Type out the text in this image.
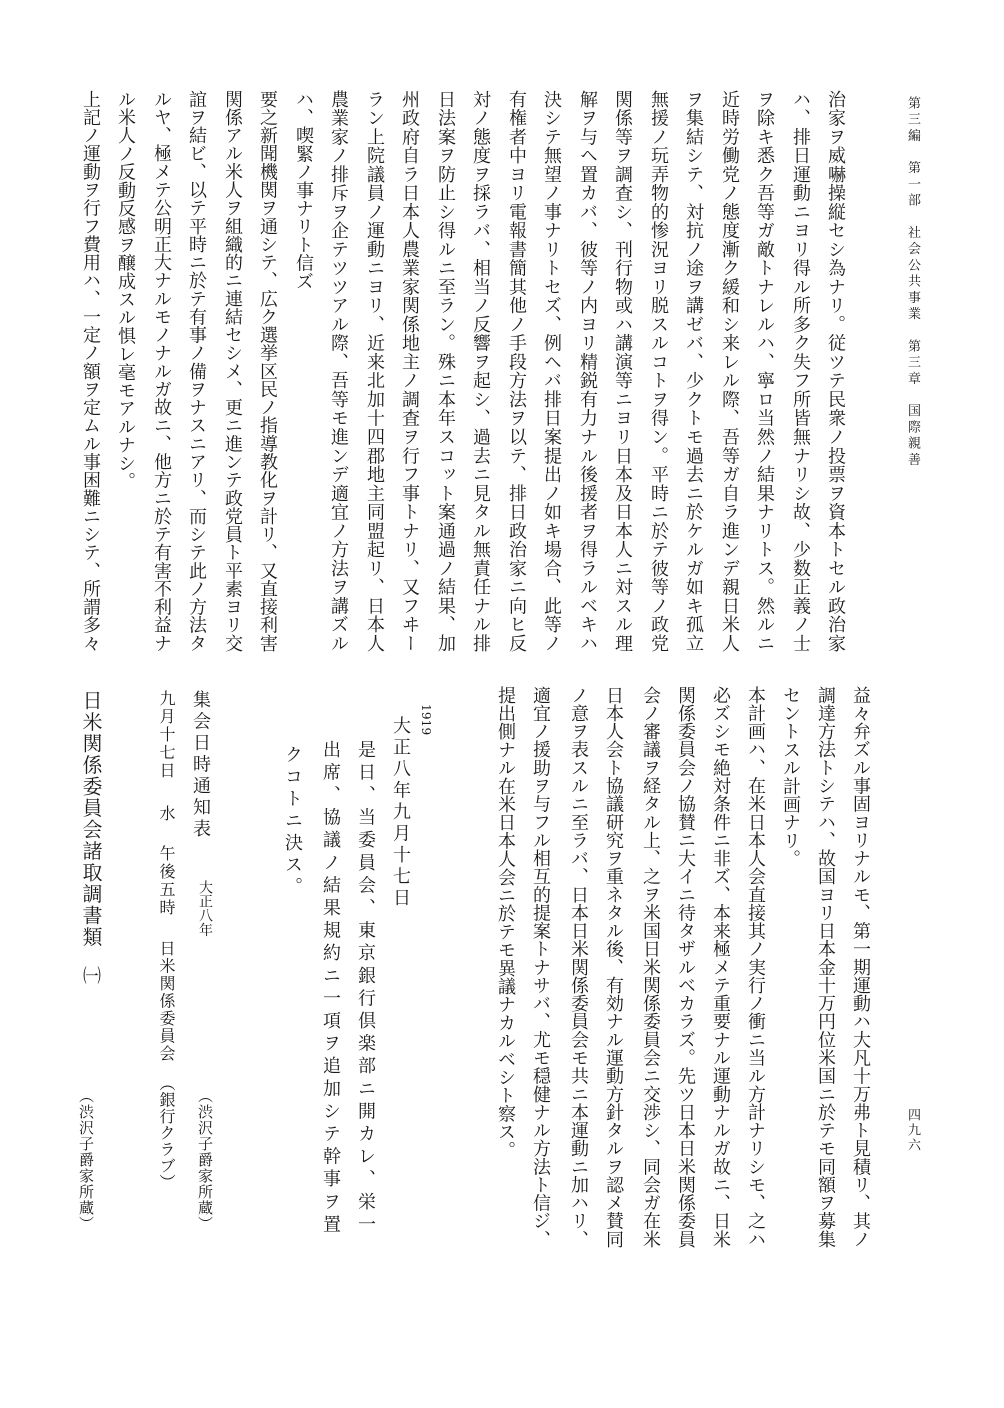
第三編　第一部　社会公共事業　第三章　国際親善
四九六
治家ヲ威嚇操縦セシ為ナリ。従ツテ民衆ノ投票ヲ資本トセル政治家
ハ、排日運動ニヨリ得ル所多ク失フ所皆無ナリシ故、少数正義ノ士
ヲ除キ悉ク吾等ガ敵トナレルハ、寧ロ当然ノ結果ナリトス。然ルニ
近時労働党ノ態度漸ク緩和シ来レル際、吾等ガ自ラ進ンデ親日米人
ヲ集結シテ、対抗ノ途ヲ講ゼバ、少クトモ過去ニ於ケルガ如キ孤立
無援ノ玩弄物的惨況ヨリ脱スルコトヲ得ン。平時ニ於テ彼等ノ政党
関係等ヲ調査シ、刊行物或ハ講演等ニヨリ日本及日本人ニ対スル理
解ヲ与ヘ置カバ、彼等ノ内ヨリ精鋭有力ナル後援者ヲ得ラルベキハ
決シテ無望ノ事ナリトセズ、例ヘバ排日案提出ノ如キ場合、此等ノ
有権者中ヨリ電報書簡其他ノ手段方法ヲ以テ、排日政治家ニ向ヒ反
対ノ態度ヲ採ラバ、相当ノ反響ヲ起シ、過去ニ見タル無責任ナル排
日法案ヲ防止シ得ルニ至ラン。殊ニ本年スコット案通過ノ結果、加
州政府自ラ日本人農業家関係地主ノ調査ヲ行フ事トナリ、又フヰー
ラン上院議員ノ運動ニヨリ、近来北加十四郡地主同盟起リ、日本人
農業家ノ排斥ヲ企テツツアル際、吾等モ進ンデ適宜ノ方法ヲ講ズル
ハ、喫緊ノ事ナリト信ズ
要之新聞機関ヲ通シテ、広ク選挙区民ノ指導教化ヲ計リ、又直接利害
関係アル米人ヲ組織的ニ連結セシメ、更ニ進ンテ政党員ト平素ヨリ交
誼ヲ結ビ、以テ平時ニ於テ有事ノ備ヲナスニアリ、而シテ此ノ方法タ
ルヤ、極メテ公明正大ナルモノナルガ故ニ、他方ニ於テ有害不利益ナ
ル米人ノ反動反感ヲ醸成スル惧レ毫モアルナシ。
上記ノ運動ヲ行フ費用ハ、一定ノ額ヲ定ムル事困難ニシテ、所謂多々
益々弁ズル事固ヨリナルモ、第一期運動ハ大凡十万弗ト見積リ、其ノ
調達方法トシテハ、故国ヨリ日本金十万円位米国ニ於テモ同額ヲ募集
セントスル計画ナリ。
本計画ハ、在米日本人会直接其ノ実行ノ衝ニ当ル方計ナリシモ、之ハ
必ズシモ絶対条件ニ非ズ、本来極メテ重要ナル運動ナルガ故ニ、日米
関係委員会ノ協賛ニ大イニ待タザルベカラズ。先ツ日本日米関係委員
会ノ審議ヲ経タル上、之ヲ米国日米関係委員会ニ交渉シ、同会ガ在米
日本人会ト協議研究ヲ重ネタル後、有効ナル運動方針タルヲ認メ賛同
ノ意ヲ表スルニ至ラバ、日本日米関係委員会モ共ニ本運動ニ加ハリ、
適宜ノ援助ヲ与フル相互的提案トナサバ、尤モ穏健ナル方法ト信ジ、
提出側ナル在米日本人会ニ於テモ異議ナカルベシト察ス。
1919
大正八年九月十七日
是日、当委員会、東京銀行倶楽部ニ開カレ、栄一
出席、協議ノ結果規約ニ一項ヲ追加シテ幹事ヲ置
クコトニ決ス。
集会日時通知表
大正八年
（渋沢子爵家所蔵）
九月十七日
水
午後五時
日米関係委員会
（銀行クラブ）
日米関係委員会諸取調書類
㈠
（渋沢子爵家所蔵）
